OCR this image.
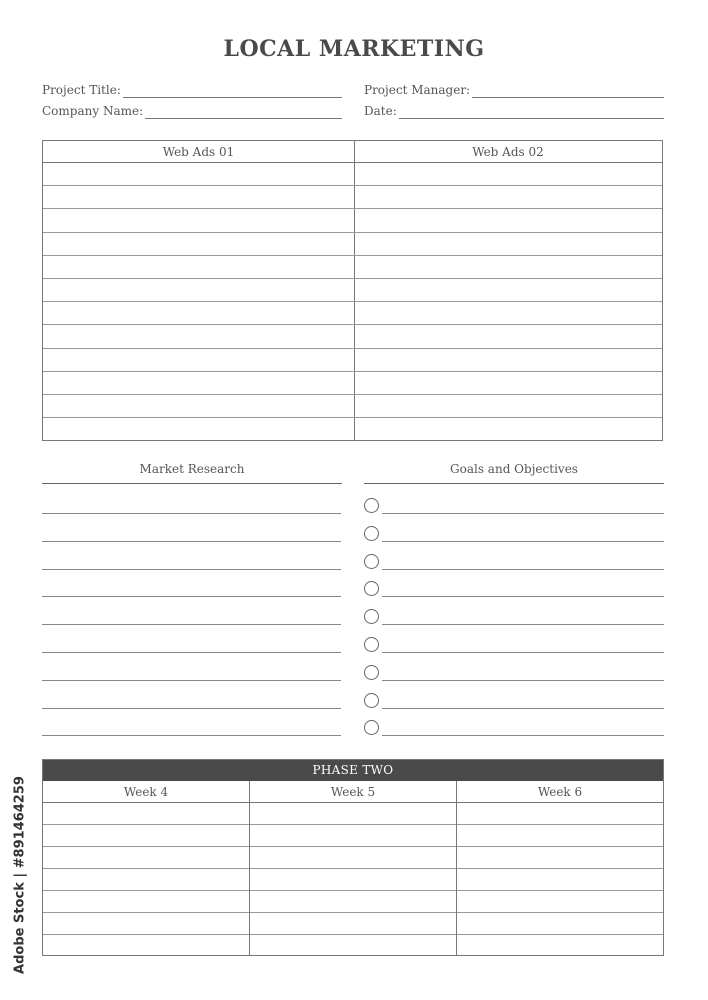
LOCAL MARKETING
Project Title:
Company Name:
Project Manager:
Date:
Web Ads 01	Web Ads 02
Market Research	Goals and Objectives
PHASE TWO
Week 4	Week 5	Week 6
Adobe Stock | #891464259
